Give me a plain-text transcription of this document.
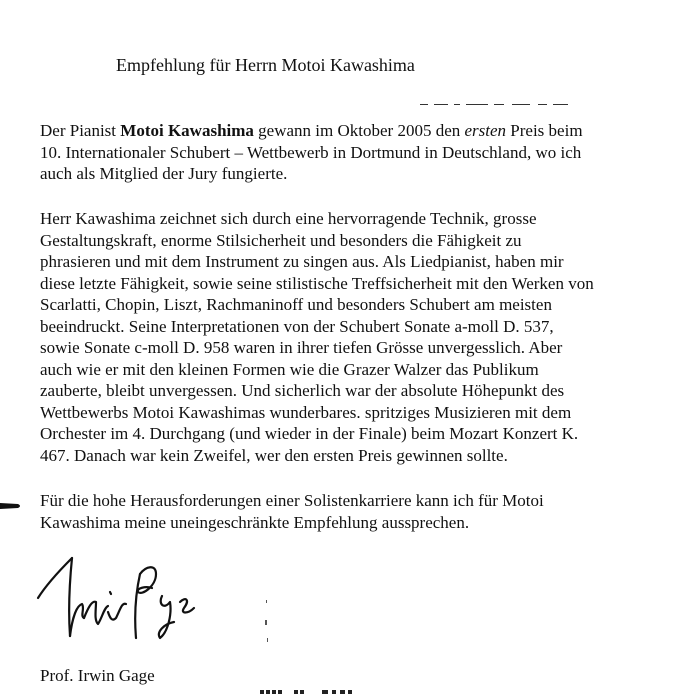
Empfehlung für Herrn Motoi Kawashima

Der Pianist Motoi Kawashima gewann im Oktober 2005 den ersten Preis beim
10. Internationaler Schubert – Wettbewerb in Dortmund in Deutschland, wo ich
auch als Mitglied der Jury fungierte.

Herr Kawashima zeichnet sich durch eine hervorragende Technik, grosse
Gestaltungskraft, enorme Stilsicherheit und besonders die Fähigkeit zu
phrasieren und mit dem Instrument zu singen aus. Als Liedpianist, haben mir
diese letzte Fähigkeit, sowie seine stilistische Treffsicherheit mit den Werken von
Scarlatti, Chopin, Liszt, Rachmaninoff und besonders Schubert am meisten
beeindruckt. Seine Interpretationen von der Schubert Sonate a-moll D. 537,
sowie Sonate c-moll D. 958 waren in ihrer tiefen Grösse unvergesslich. Aber
auch wie er mit den kleinen Formen wie die Grazer Walzer das Publikum
zauberte, bleibt unvergessen. Und sicherlich war der absolute Höhepunkt des
Wettbewerbs Motoi Kawashimas wunderbares. spritziges Musizieren mit dem
Orchester im 4. Durchgang (und wieder in der Finale) beim Mozart Konzert K.
467. Danach war kein Zweifel, wer den ersten Preis gewinnen sollte.

Für die hohe Herausforderungen einer Solistenkarriere kann ich für Motoi
Kawashima meine uneingeschränkte Empfehlung aussprechen.

Prof. Irwin Gage
